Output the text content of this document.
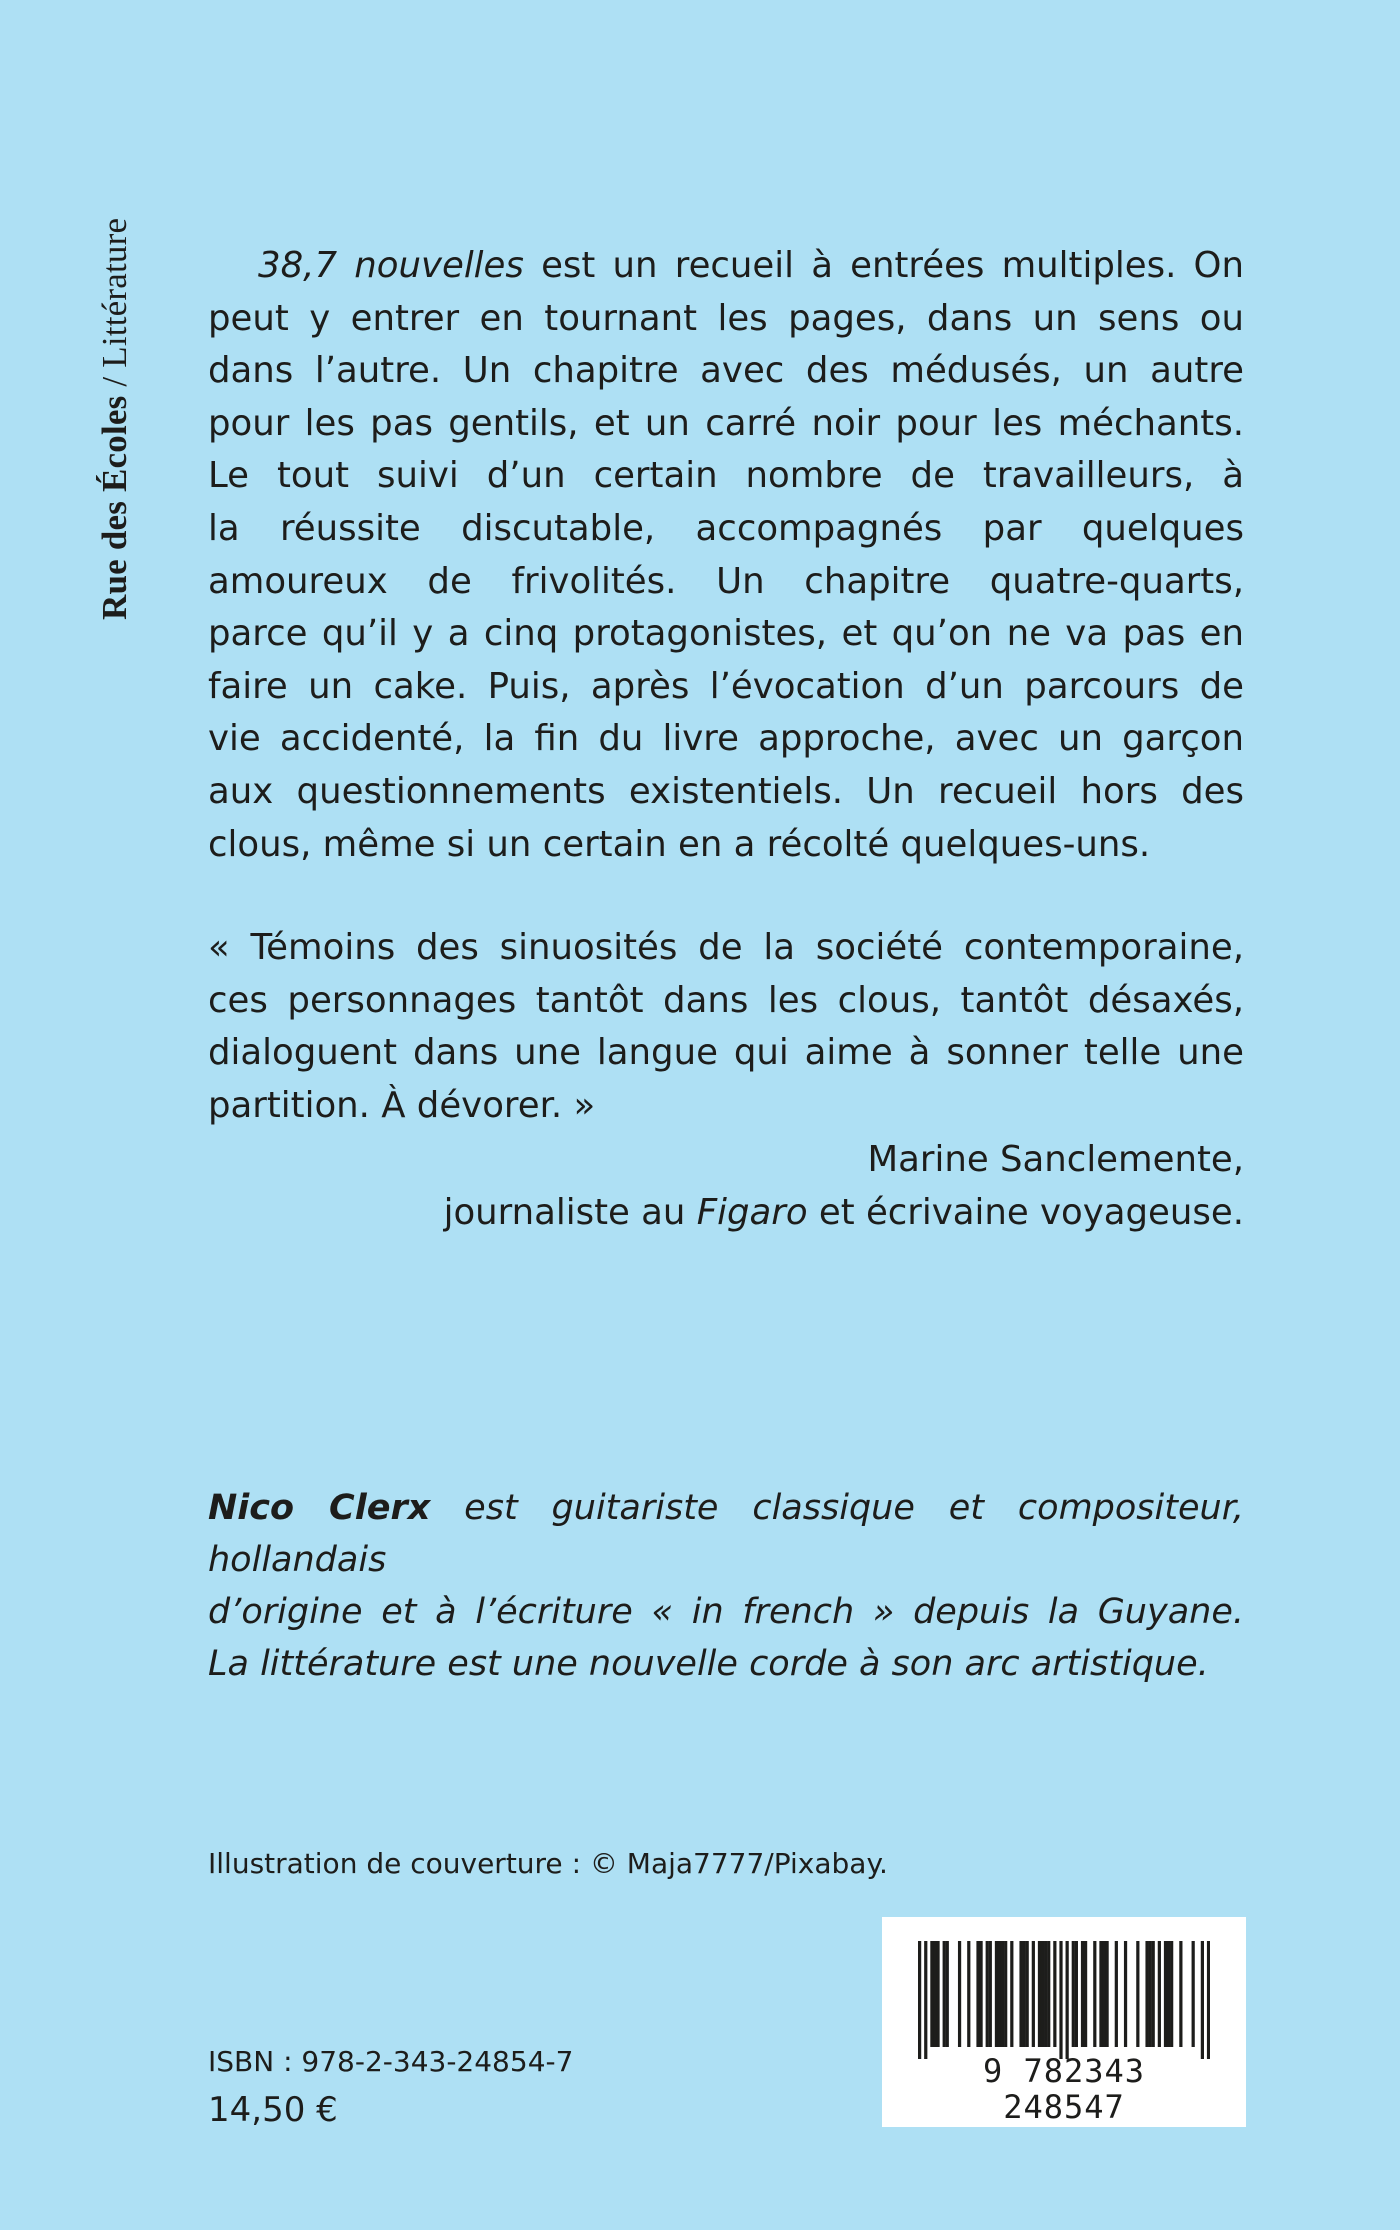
Rue des Écoles / Littérature	38,7 nouvelles est un recueil à entrées multiples. On

peut y entrer en tournant les pages, dans un sens ou

dans l’autre. Un chapitre avec des médusés, un autre

pour les pas gentils, et un carré noir pour les méchants.

Le tout suivi d’un certain nombre de travailleurs, à

la réussite discutable, accompagnés par quelques

amoureux de frivolités. Un chapitre quatre-quarts,

parce qu’il y a cinq protagonistes, et qu’on ne va pas en

faire un cake. Puis, après l’évocation d’un parcours de

vie accidenté, la fin du livre approche, avec un garçon

aux questionnements existentiels. Un recueil hors des

clous, même si un certain en a récolté quelques-uns.

« Témoins des sinuosités de la société contemporaine,

ces personnages tantôt dans les clous, tantôt désaxés,

dialoguent dans une langue qui aime à sonner telle une

partition. À dévorer. »

Marine Sanclemente,
journaliste au Figaro et écrivaine voyageuse.

Nico Clerx est guitariste classique et compositeur, hollandais

d’origine et à l’écriture « in french » depuis la Guyane.

La littérature est une nouvelle corde à son arc artistique.

Illustration de couverture : © Maja7777/Pixabay.
ISBN : 978-2-343-24854-7
14,50 €
9 782343 248547
